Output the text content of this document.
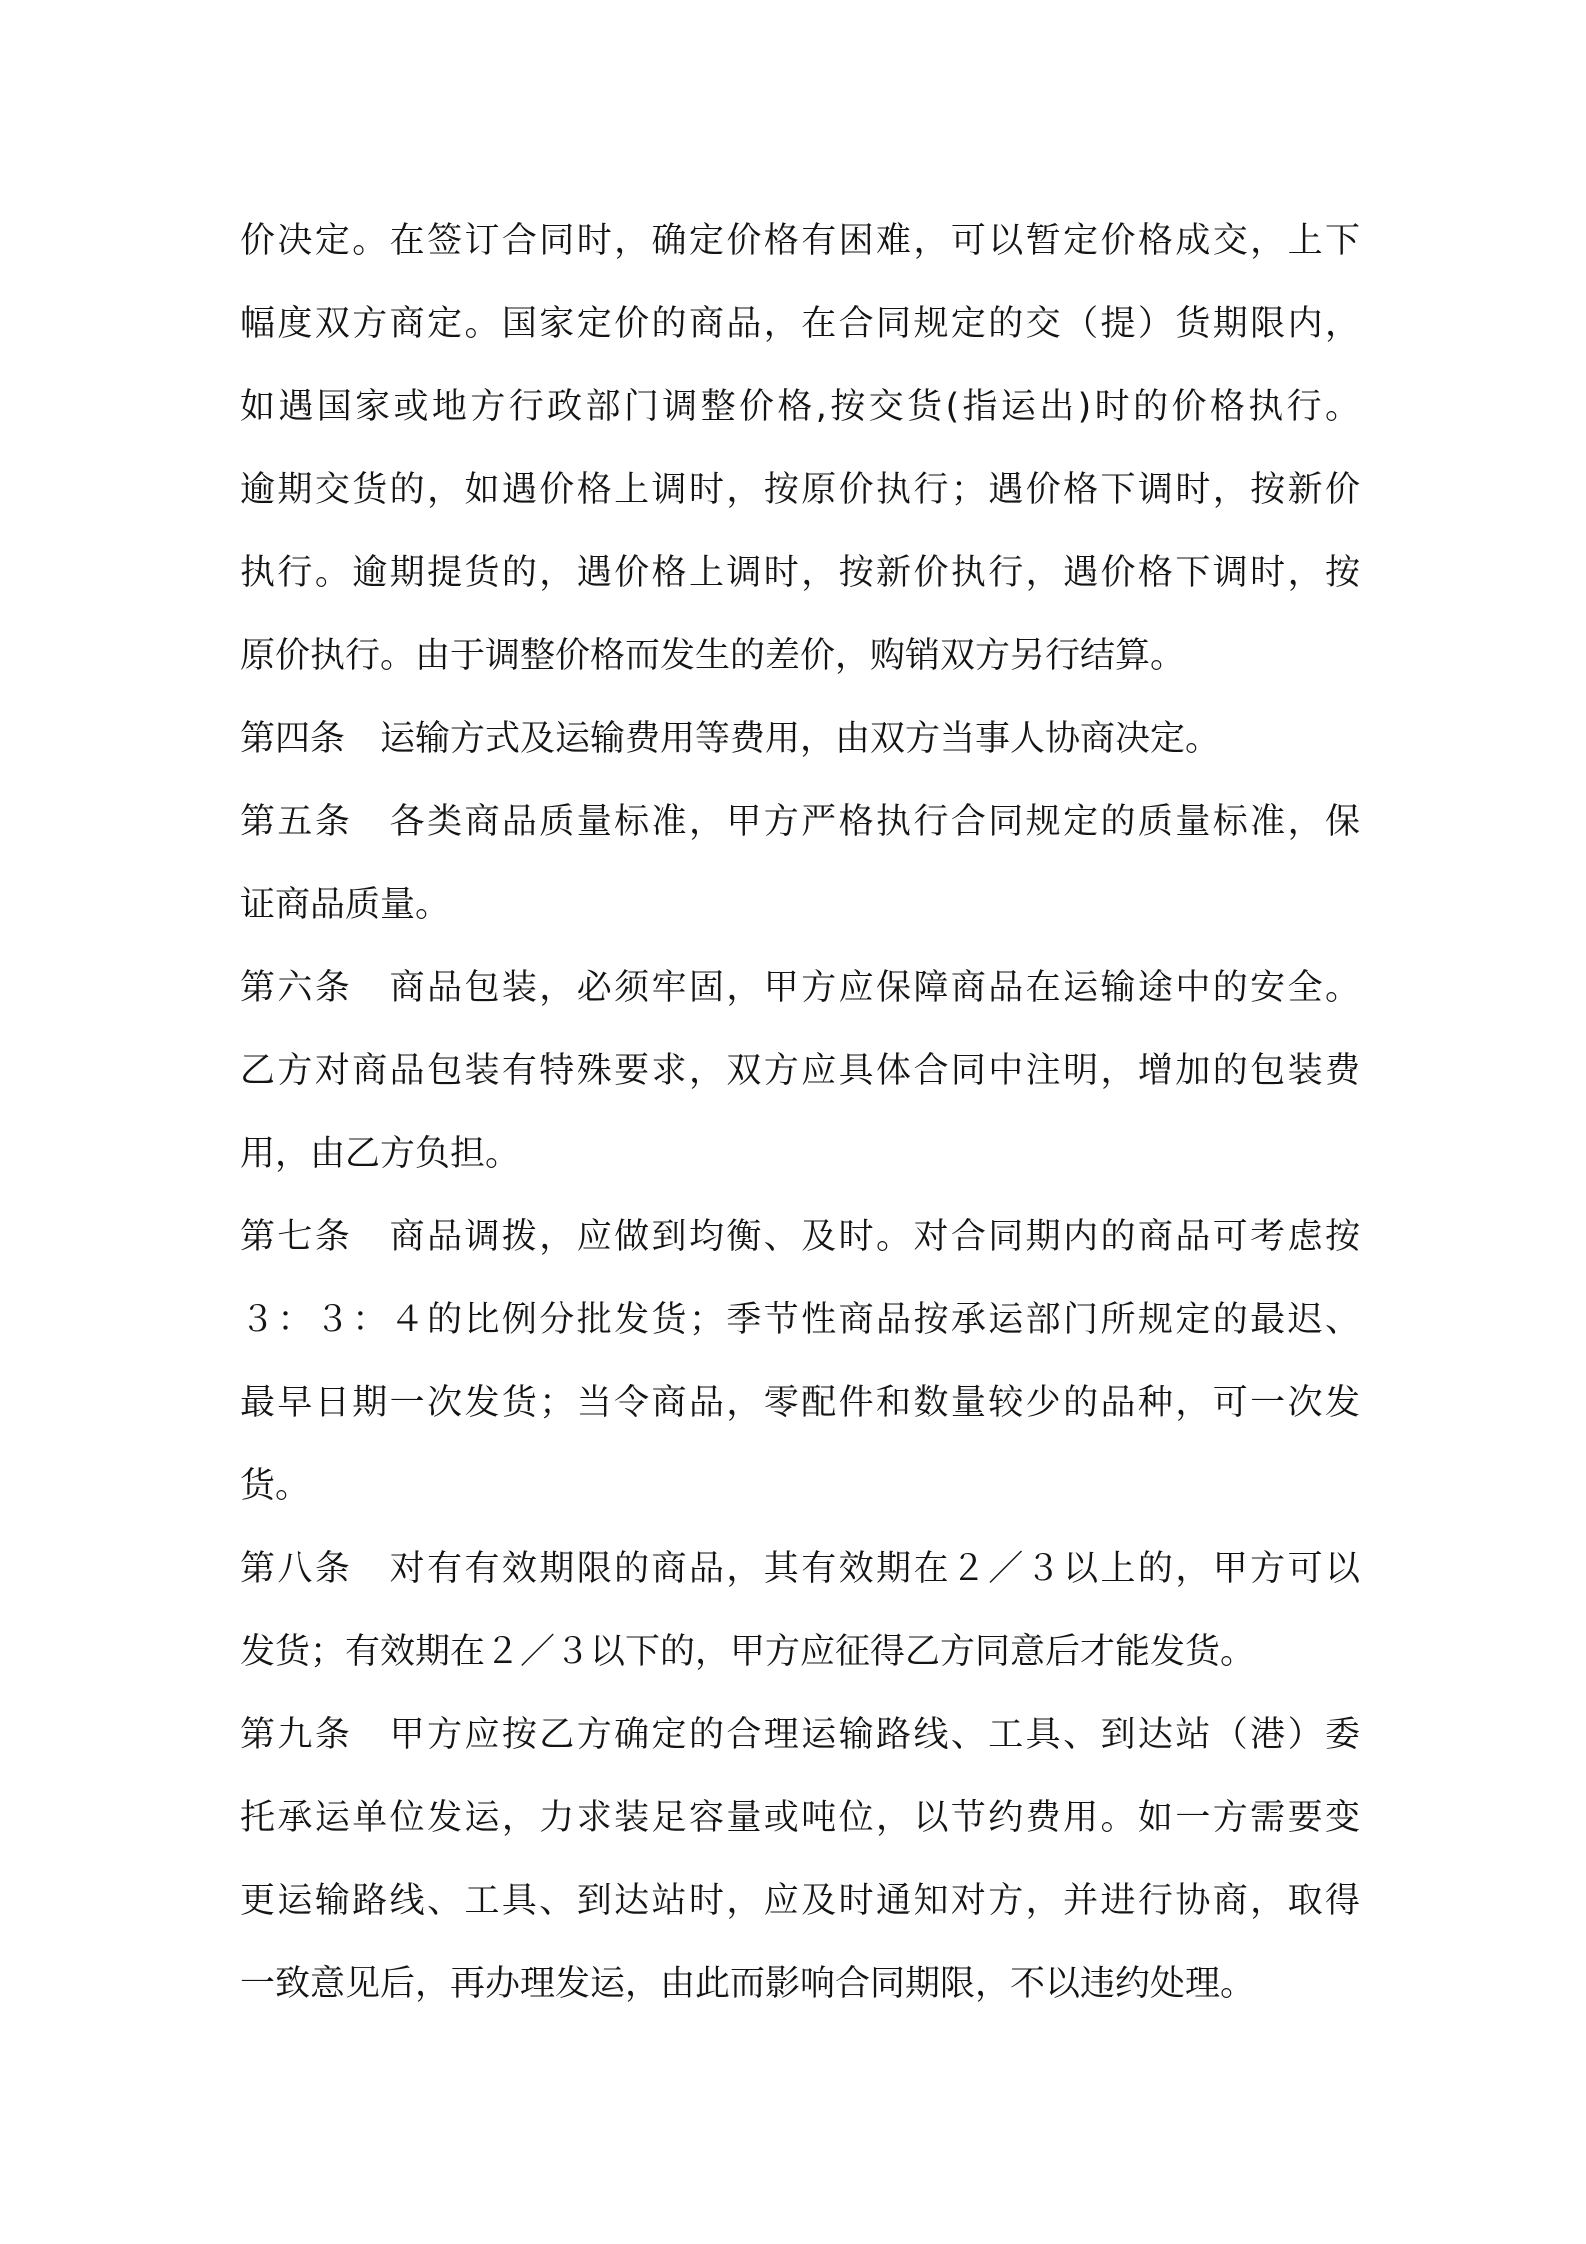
价决定。在签订合同时，确定价格有困难，可以暂定价格成交，上下
幅度双方商定。国家定价的商品，在合同规定的交（提）货期限内，
如遇国家或地方行政部门调整价格,按交货(指运出)时的价格执行。
逾期交货的，如遇价格上调时，按原价执行；遇价格下调时，按新价
执行。逾期提货的，遇价格上调时，按新价执行，遇价格下调时，按
原价执行。由于调整价格而发生的差价，购销双方另行结算。
第四条　运输方式及运输费用等费用，由双方当事人协商决定。
第五条　各类商品质量标准，甲方严格执行合同规定的质量标准，保
证商品质量。
第六条　商品包装，必须牢固，甲方应保障商品在运输途中的安全。
乙方对商品包装有特殊要求，双方应具体合同中注明，增加的包装费
用，由乙方负担。
第七条　商品调拨，应做到均衡、及时。对合同期内的商品可考虑按
３：３：４的比例分批发货；季节性商品按承运部门所规定的最迟、
最早日期一次发货；当令商品，零配件和数量较少的品种，可一次发
货。
第八条　对有有效期限的商品，其有效期在２／３以上的，甲方可以
发货；有效期在２／３以下的，甲方应征得乙方同意后才能发货。
第九条　甲方应按乙方确定的合理运输路线、工具、到达站（港）委
托承运单位发运，力求装足容量或吨位，以节约费用。如一方需要变
更运输路线、工具、到达站时，应及时通知对方，并进行协商，取得
一致意见后，再办理发运，由此而影响合同期限，不以违约处理。
